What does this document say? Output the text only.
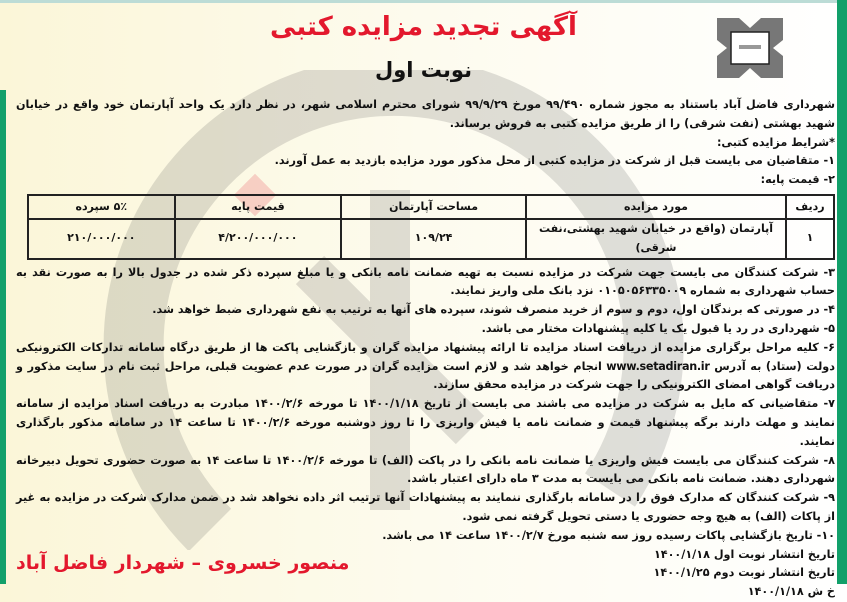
آگهی تجدید مزایده کتبی
نوبت اول

شهرداری فاضل آباد باستناد به مجوز شماره ۹۹/۴۹۰ مورخ ۹۹/۹/۲۹ شورای محترم اسلامی شهر، در نظر دارد یک واحد آپارتمان خود واقع در خیابان شهید بهشتی (نفت شرقی) را از طریق مزایده کتبی به فروش برساند.

*شرایط مزایده کتبی:

۱- متقاضیان می بایست قبل از شرکت در مزایده کتبی از محل مذکور مورد مزایده بازدید به عمل آورند.

۲- قیمت پایه:

ردیف	مورد مزایده	مساحت آپارتمان	قیمت پایه	۵٪ سپرده
۱	آپارتمان (واقع در خیابان شهید بهشتی،نفت شرقی)	۱۰۹/۲۴	۴/۲۰۰/۰۰۰/۰۰۰	۲۱۰/۰۰۰/۰۰۰

۳- شرکت کنندگان می بایست جهت شرکت در مزایده نسبت به تهیه ضمانت نامه بانکی و یا مبلغ سپرده ذکر شده در جدول بالا را به صورت نقد به حساب شهرداری به شماره ۰۱۰۵۰۵۶۳۳۵۰۰۹ نزد بانک ملی واریز نمایند.

۴- در صورتی که برندگان اول، دوم و سوم از خرید منصرف شوند، سپرده های آنها به ترتیب به نفع شهرداری ضبط خواهد شد.

۵- شهرداری در رد یا قبول یک یا کلیه پیشنهادات مختار می باشد.

۶- کلیه مراحل برگزاری مزایده از دریافت اسناد مزایده تا ارائه پیشنهاد مزایده گران و بازگشایی پاکت ها از طریق درگاه سامانه تدارکات الکترونیکی دولت (ستاد) به آدرس www.setadiran.ir انجام خواهد شد و لازم است مزایده گران در صورت عدم عضویت قبلی، مراحل ثبت نام در سایت مذکور و دریافت گواهی امضای الکترونیکی را جهت شرکت در مزایده محقق سازند.

۷- متقاضیانی که مایل به شرکت در مزایده می باشند می بایست از تاریخ ۱۴۰۰/۱/۱۸ تا مورخه ۱۴۰۰/۲/۶ مبادرت به دریافت اسناد مزایده از سامانه نمایند و مهلت دارند برگه پیشنهاد قیمت و ضمانت نامه یا فیش واریزی را تا روز دوشنبه مورخه ۱۴۰۰/۲/۶ تا ساعت ۱۴ در سامانه مذکور بارگذاری نمایند.

۸- شرکت کنندگان می بایست فیش واریزی یا ضمانت نامه بانکی را در پاکت (الف) تا مورخه ۱۴۰۰/۲/۶ تا ساعت ۱۴ به صورت حضوری تحویل دبیرخانه شهرداری دهند. ضمانت نامه بانکی می بایست به مدت ۳ ماه دارای اعتبار باشد.

۹- شرکت کنندگان که مدارک فوق را در سامانه بارگذاری ننمایند به پیشنهادات آنها ترتیب اثر داده نخواهد شد در ضمن مدارک شرکت در مزایده به غیر از پاکات (الف) به هیچ وجه حضوری یا دستی تحویل گرفته نمی شود.

۱۰- تاریخ بازگشایی پاکات رسیده روز سه شنبه مورخ ۱۴۰۰/۲/۷ ساعت ۱۴ می باشد.

تاریخ انتشار نوبت اول ۱۴۰۰/۱/۱۸

تاریخ انتشار نوبت دوم ۱۴۰۰/۱/۲۵

خ ش ۱۴۰۰/۱/۱۸

منصور خسروی – شهردار فاضل آباد
